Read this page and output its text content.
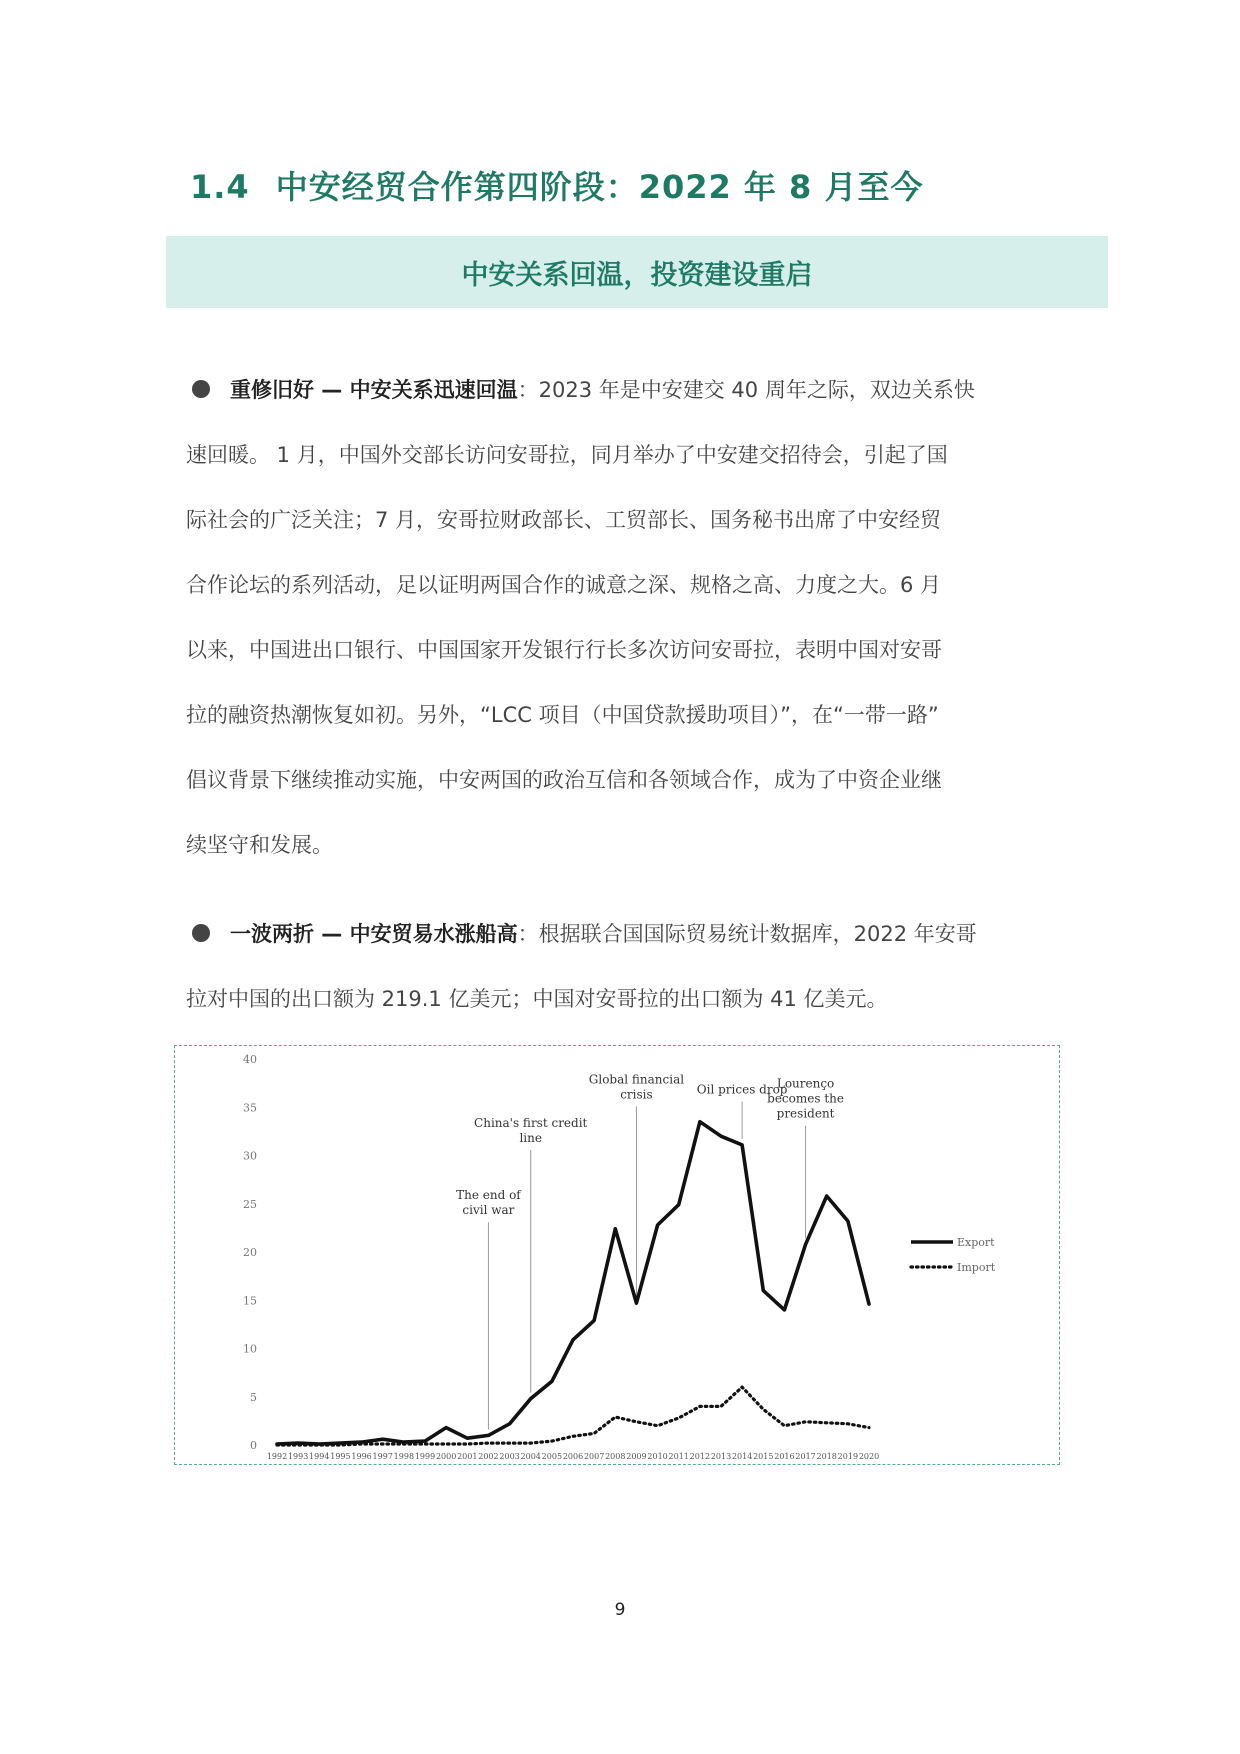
1.4 中安经贸合作第四阶段：2022 年 8 月至今
中安关系回温，投资建设重启
重修旧好 — 中安关系迅速回温：2023 年是中安建交 40 周年之际，双边关系快
速回暖。 1 月，中国外交部长访问安哥拉，同月举办了中安建交招待会，引起了国
际社会的广泛关注；7 月，安哥拉财政部长、工贸部长、国务秘书出席了中安经贸
合作论坛的系列活动，足以证明两国合作的诚意之深、规格之高、力度之大。6 月
以来，中国进出口银行、中国国家开发银行行长多次访问安哥拉，表明中国对安哥
拉的融资热潮恢复如初。另外，“LCC 项目（中国贷款援助项目）”，在“一带一路”
倡议背景下继续推动实施，中安两国的政治互信和各领域合作，成为了中资企业继
续坚守和发展。
一波两折 — 中安贸易水涨船高：根据联合国国际贸易统计数据库，2022 年安哥
拉对中国的出口额为 219.1 亿美元；中国对安哥拉的出口额为 41 亿美元。
0
5
10
15
20
25
30
35
40
1992 1993 1994 1995 1996 1997 1998 1999 2000 2001 2002 2003 2004 2005 2006 2007 2008 2009 2010 2011 2012 2013 2014 2015 2016 2017 2018 2019 2020
The end of
civil war
China's first credit
line
Global financial
crisis	Oil prices drop
Lourenço
becomes the
president
Export
Import
9
